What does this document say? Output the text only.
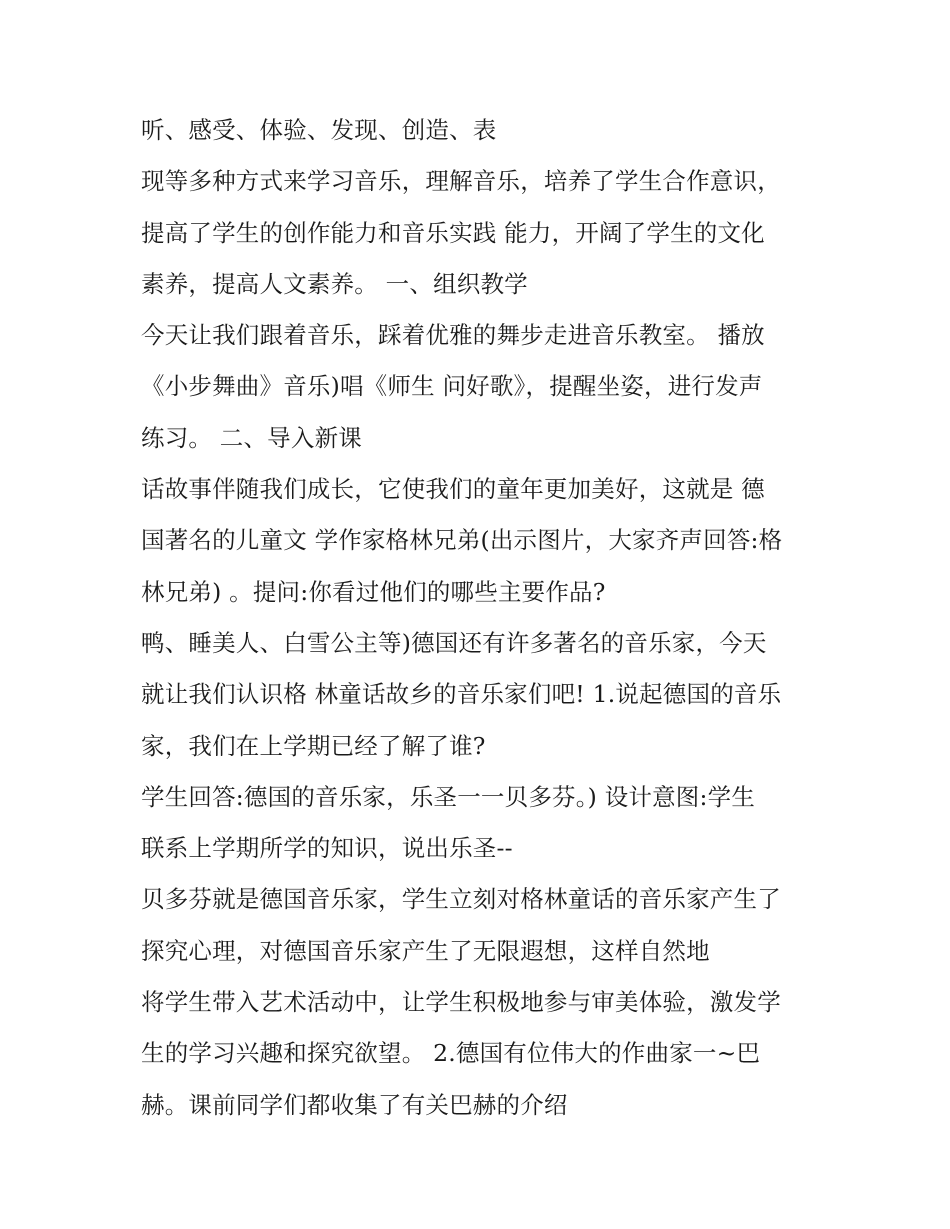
听、感受、体验、发现、创造、表
现等多种方式来学习音乐，理解音乐，培养了学生合作意识，
提高了学生的创作能力和音乐实践 能力，开阔了学生的文化
素养，提高人文素养。 一、组织教学
今天让我们跟着音乐，踩着优雅的舞步走进音乐教室。 播放
《小步舞曲》音乐)唱《师生 问好歌》，提醒坐姿，进行发声
练习。 二、导入新课
话故事伴随我们成长，它使我们的童年更加美好，这就是 德
国著名的儿童文 学作家格林兄弟(出示图片，大家齐声回答:格
林兄弟) 。提问:你看过他们的哪些主要作品?
鸭、睡美人、白雪公主等)德国还有许多著名的音乐家，今天
就让我们认识格 林童话故乡的音乐家们吧! 1.说起德国的音乐
家，我们在上学期已经了解了谁?
学生回答:德国的音乐家，乐圣一一贝多芬。) 设计意图:学生
联系上学期所学的知识，说出乐圣--
贝多芬就是德国音乐家，学生立刻对格林童话的音乐家产生了
探究心理，对德国音乐家产生了无限遐想，这样自然地
将学生带入艺术活动中，让学生积极地参与审美体验，激发学
生的学习兴趣和探究欲望。 2.德国有位伟大的作曲家一~巴
赫。课前同学们都收集了有关巴赫的介绍
